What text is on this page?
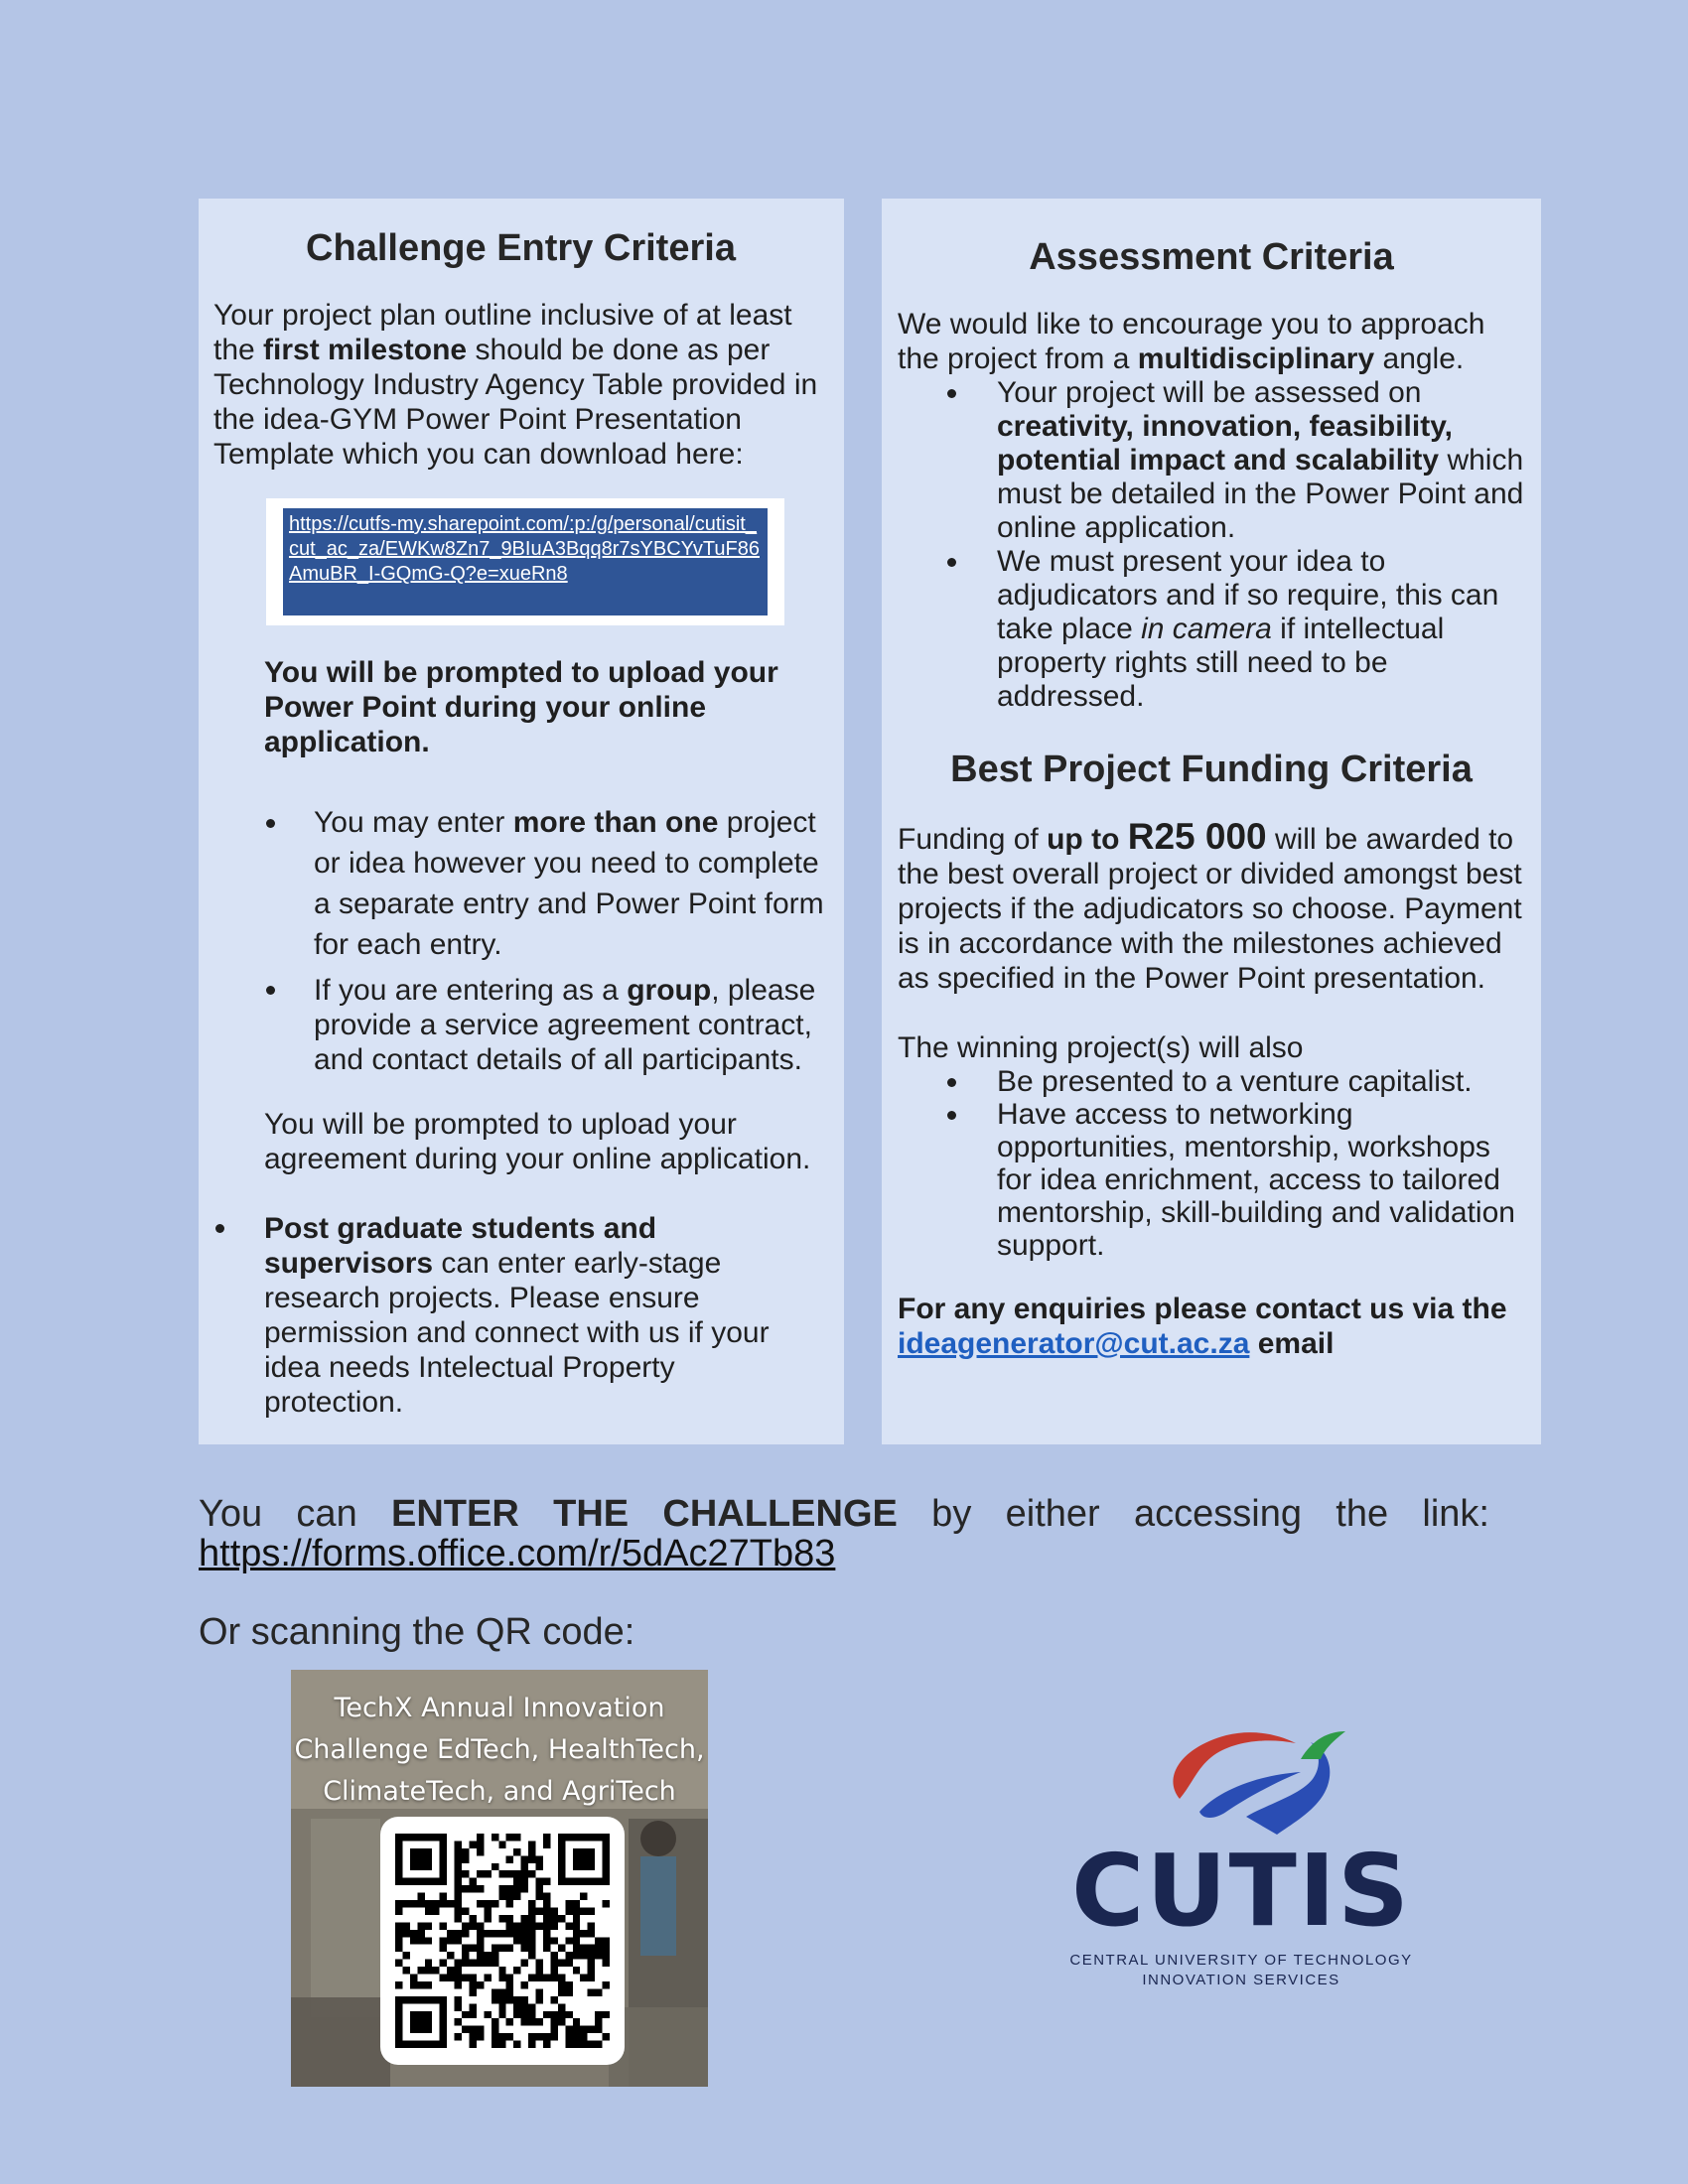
Challenge Entry Criteria

Your project plan outline inclusive of at least the first milestone should be done as per Technology Industry Agency Table provided in the idea-GYM Power Point Presentation Template which you can download here:

https://cutfs-my.sharepoint.com/:p:/g/personal/cutisit_cut_ac_za/EWKw8Zn7_9BIuA3Bqq8r7sYBCYvTuF86AmuBR_I-GQmG-Q?e=xueRn8

You will be prompted to upload your Power Point during your online application.

You may enter more than one project or idea however you need to complete a separate entry and Power Point form for each entry.
If you are entering as a group, please provide a service agreement contract, and contact details of all participants.

You will be prompted to upload your agreement during your online application.

Post graduate students and supervisors can enter early-stage research projects. Please ensure permission and connect with us if your idea needs Intelectual Property protection.
Assessment Criteria

We would like to encourage you to approach the project from a multidisciplinary angle.

Your project will be assessed on creativity, innovation, feasibility, potential impact and scalability which must be detailed in the Power Point and online application.
We must present your idea to adjudicators and if so require, this can take place in camera if intellectual property rights still need to be addressed.
Best Project Funding Criteria

Funding of up to R25 000 will be awarded to the best overall project or divided amongst best projects if the adjudicators so choose. Payment is in accordance with the milestones achieved as specified in the Power Point presentation.

The winning project(s) will also

Be presented to a venture capitalist.
Have access to networking opportunities, mentorship, workshops for idea enrichment, access to tailored mentorship, skill-building and validation support.

For any enquiries please contact us via the ideagenerator@cut.ac.za email

You can ENTER THE CHALLENGE by either accessing the link:
https://forms.office.com/r/5dAc27Tb83
Or scanning the QR code:
TechX Annual Innovation
Challenge EdTech, HealthTech,
ClimateTech, and AgriTech
CUTIS
CENTRAL UNIVERSITY OF TECHNOLOGY
INNOVATION SERVICES
